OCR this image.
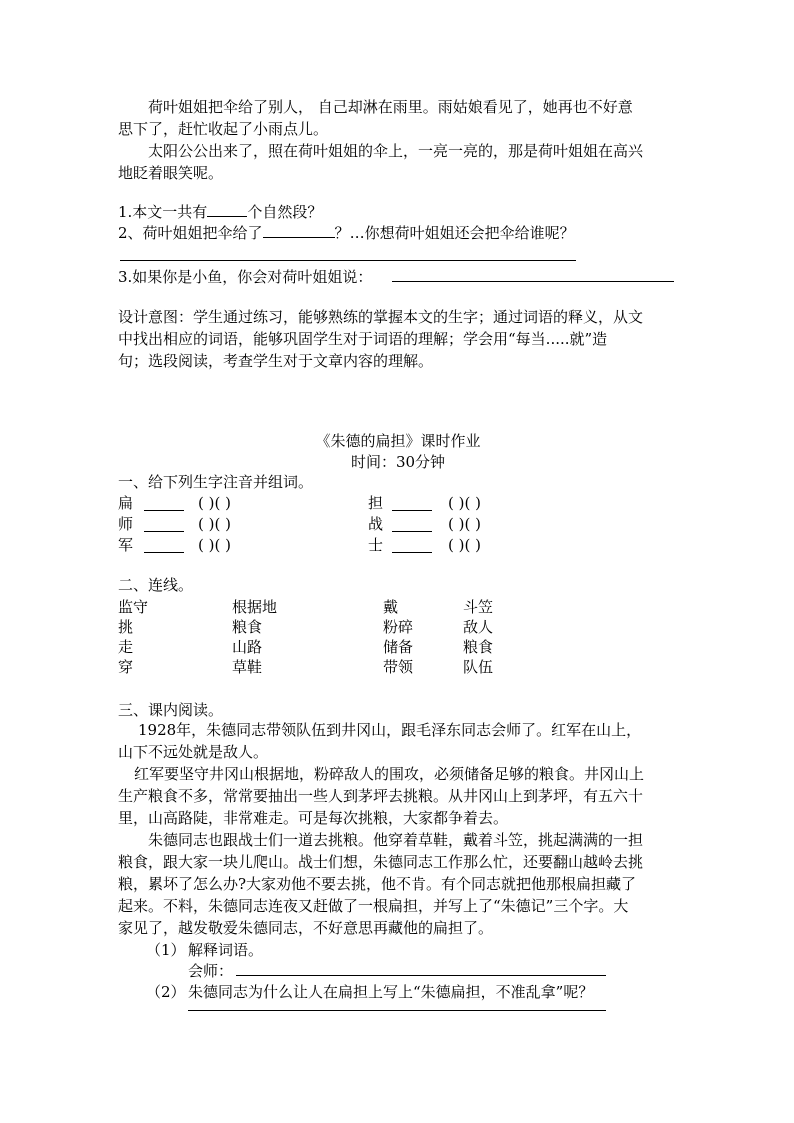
荷叶姐姐把伞给了别人， 自己却淋在雨里。雨姑娘看见了，她再也不好意
思下了，赶忙收起了小雨点儿。
太阳公公出来了，照在荷叶姐姐的伞上，一亮一亮的，那是荷叶姐姐在高兴
地眨着眼笑呢。
1.本文一共有	个自然段？
2、荷叶姐姐把伞给了	？…你想荷叶姐姐还会把伞给谁呢？
3.如果你是小鱼，你会对荷叶姐姐说：
设计意图：学生通过练习，能够熟练的掌握本文的生字；通过词语的释义，从文
中找出相应的词语，能够巩固学生对于词语的理解；学会用“每当.....就”造
句；选段阅读，考查学生对于文章内容的理解。
《朱德的扁担》课时作业
时间：30分钟
一、给下列生字注音并组词。
扁	( )( )	担	( )( )
师	( )( )	战	( )( )
军	( )( )	士	( )( )
二、连线。
监守	根据地	戴	斗笠
挑	粮食	粉碎	敌人
走	山路	储备	粮食
穿	草鞋	带领	队伍
三、课内阅读。
1928年，朱德同志带领队伍到井冈山，跟毛泽东同志会师了。红军在山上，
山下不远处就是敌人。
红军要坚守井冈山根据地，粉碎敌人的围攻，必须储备足够的粮食。井冈山上
生产粮食不多，常常要抽出一些人到茅坪去挑粮。从井冈山上到茅坪，有五六十
里，山高路陡，非常难走。可是每次挑粮，大家都争着去。
朱德同志也跟战士们一道去挑粮。他穿着草鞋，戴着斗笠，挑起满满的一担
粮食，跟大家一块儿爬山。战士们想，朱德同志工作那么忙，还要翻山越岭去挑
粮，累坏了怎么办?大家劝他不要去挑，他不肯。有个同志就把他那根扁担藏了
起来。不料，朱德同志连夜又赶做了一根扁担，并写上了“朱德记”三个字。大
家见了，越发敬爱朱德同志，不好意思再藏他的扁担了。
（1） 解释词语。
会师：
（2） 朱德同志为什么让人在扁担上写上“朱德扁担，不准乱拿”呢？
